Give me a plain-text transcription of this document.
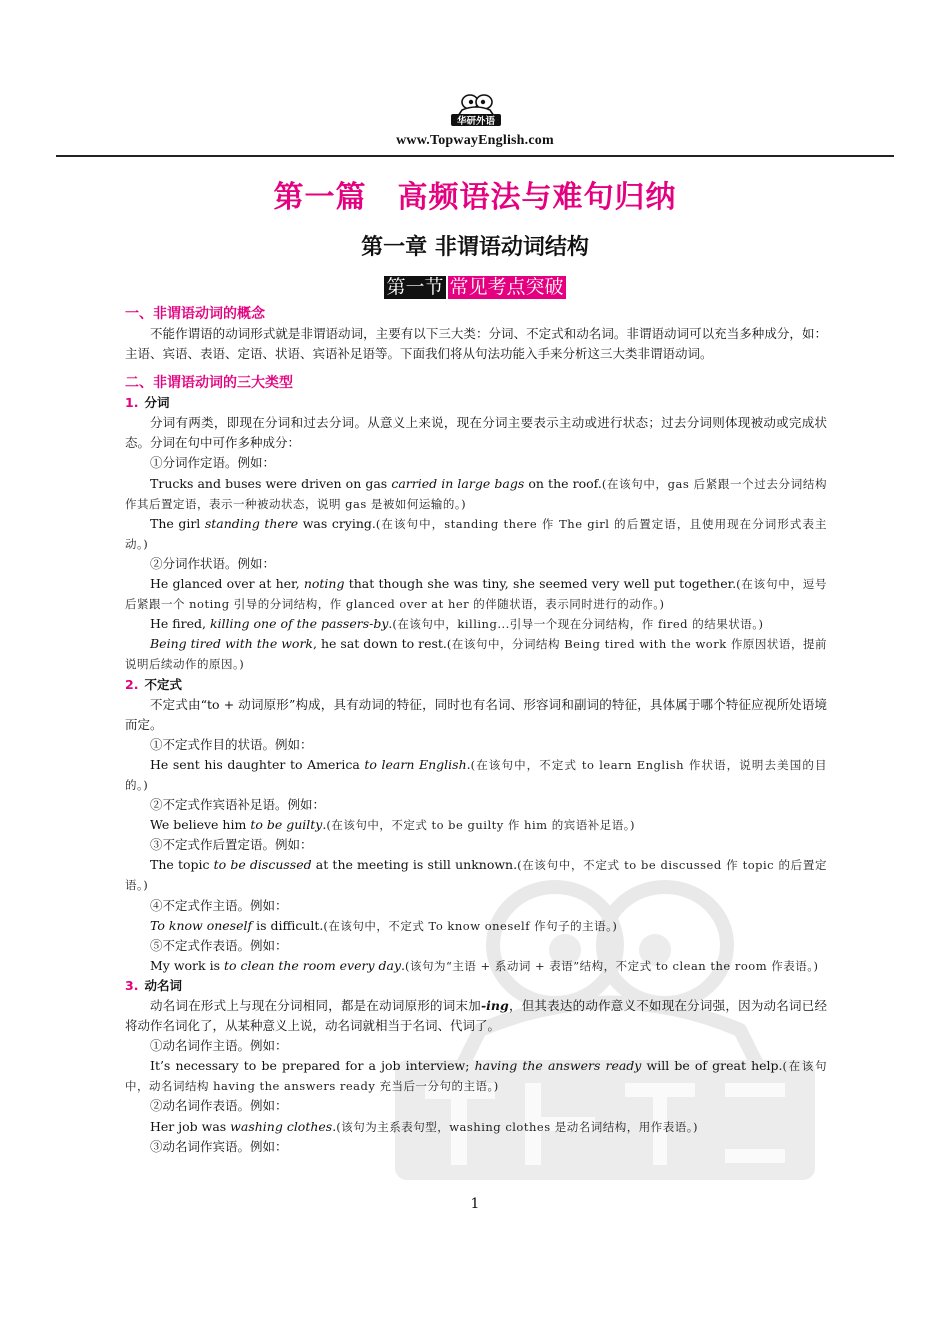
华研外语
www.TopwayEnglish.com
第一篇　高频语法与难句归纳
第一章 非谓语动词结构
第一节 常见考点突破

一、非谓语动词的概念

不能作谓语的动词形式就是非谓语动词，主要有以下三大类：分词、不定式和动名词。非谓语动词可以充当多种成分，如：主语、宾语、表语、定语、状语、宾语补足语等。下面我们将从句法功能入手来分析这三大类非谓语动词。

二、非谓语动词的三大类型

1. 分词

分词有两类，即现在分词和过去分词。从意义上来说，现在分词主要表示主动或进行状态；过去分词则体现被动或完成状态。分词在句中可作多种成分：

①分词作定语。例如：

Trucks and buses were driven on gas carried in large bags on the roof.(在该句中，gas 后紧跟一个过去分词结构作其后置定语，表示一种被动状态，说明 gas 是被如何运输的。)

The girl standing there was crying.(在该句中，standing there 作 The girl 的后置定语，且使用现在分词形式表主动。)

②分词作状语。例如：

He glanced over at her, noting that though she was tiny, she seemed very well put together.(在该句中，逗号后紧跟一个 noting 引导的分词结构，作 glanced over at her 的伴随状语，表示同时进行的动作。)

He fired, killing one of the passers-by.(在该句中，killing...引导一个现在分词结构，作 fired 的结果状语。)

Being tired with the work, he sat down to rest.(在该句中，分词结构 Being tired with the work 作原因状语，提前说明后续动作的原因。)

2. 不定式

不定式由“to + 动词原形”构成，具有动词的特征，同时也有名词、形容词和副词的特征，具体属于哪个特征应视所处语境而定。

①不定式作目的状语。例如：

He sent his daughter to America to learn English.(在该句中，不定式 to learn English 作状语，说明去美国的目的。)

②不定式作宾语补足语。例如：

We believe him to be guilty.(在该句中，不定式 to be guilty 作 him 的宾语补足语。)

③不定式作后置定语。例如：

The topic to be discussed at the meeting is still unknown.(在该句中，不定式 to be discussed 作 topic 的后置定语。)

④不定式作主语。例如：

To know oneself is difficult.(在该句中，不定式 To know oneself 作句子的主语。)

⑤不定式作表语。例如：

My work is to clean the room every day.(该句为“主语 + 系动词 + 表语”结构，不定式 to clean the room 作表语。)

3. 动名词

动名词在形式上与现在分词相同，都是在动词原形的词末加-ing，但其表达的动作意义不如现在分词强，因为动名词已经将动作名词化了，从某种意义上说，动名词就相当于名词、代词了。

①动名词作主语。例如：

It’s necessary to be prepared for a job interview; having the answers ready will be of great help.(在该句中，动名词结构 having the answers ready 充当后一分句的主语。)

②动名词作表语。例如：

Her job was washing clothes.(该句为主系表句型，washing clothes 是动名词结构，用作表语。)

③动名词作宾语。例如：

1
